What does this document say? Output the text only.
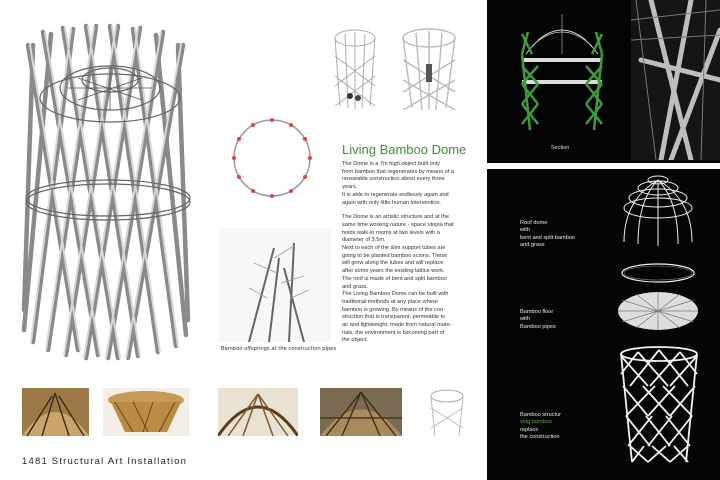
Bamboo offsprings at the construction pipes
Living Bamboo Dome

The Dome is a 7m high object built only
from bamboo that regenerates by means of a
renewable construction about every three
years.
It is able to regenerate endlessly again and
again with only little human intervention.

The Dome is an artistic structure and at the
same time working nature - space utopia that
holds walk-in rooms at two levels with a
diameter of 3,5m.
Next to each of the slim support tubes are
going to be planted bamboo scions. These
will grow along the tubes and will replace
after some years the existing lattice work.
The roof is made of bent and split bamboo
and grass.
The Living Bamboo Dome can be built with
traditional methods at any place where
bamboo is growing. By means of the con-
struction that is transparent, permeable to
air and lightweight, made from natural mate-
rials, the environment is becoming part of
the object.

1481 Structural Art Installation
Section
Roof dome
with
bent and split bamboo
and grass
Bamboo floor
with
Bamboo pipes
Bamboo structur
ving bamboo
replace
the construction
